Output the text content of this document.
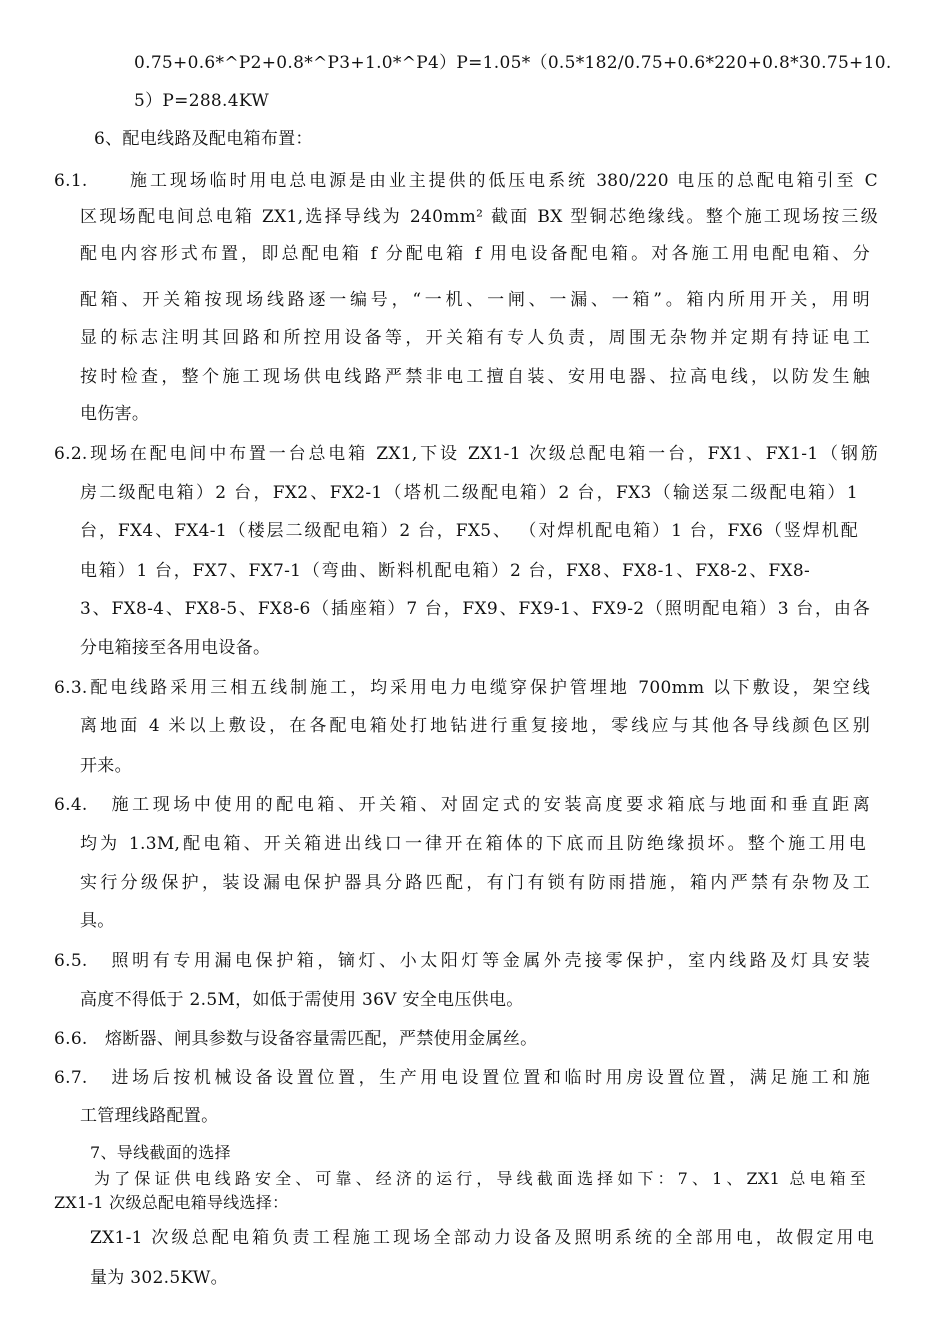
0.75+0.6*^P2+0.8*^P3+1.0*^P4）P=1.05*（0.5*182/0.75+0.6*220+0.8*30.75+10.
5）P=288.4KW
6、配电线路及配电箱布置：
6.1.　　施工现场临时用电总电源是由业主提供的低压电系统 380/220 电压的总配电箱引至 C
区现场配电间总电箱 ZX1,选择导线为 240mm² 截面 BX 型铜芯绝缘线。整个施工现场按三级
配电内容形式布置，即总配电箱 f 分配电箱 f 用电设备配电箱。对各施工用电配电箱、分
配箱、开关箱按现场线路逐一编号，“一机、一闸、一漏、一箱”。箱内所用开关，用明
显的标志注明其回路和所控用设备等，开关箱有专人负责，周围无杂物并定期有持证电工
按时检查，整个施工现场供电线路严禁非电工擅自装、安用电器、拉高电线，以防发生触
电伤害。
6.2.现场在配电间中布置一台总电箱 ZX1,下设 ZX1-1 次级总配电箱一台，FX1、FX1-1（钢筋
房二级配电箱）2 台，FX2、FX2-1（塔机二级配电箱）2 台，FX3（输送泵二级配电箱）1
台，FX4、FX4-1（楼层二级配电箱）2 台，FX5、 （对焊机配电箱）1 台，FX6（竖焊机配
电箱）1 台，FX7、FX7-1（弯曲、断料机配电箱）2 台，FX8、FX8-1、FX8-2、FX8-
3、FX8-4、FX8-5、FX8-6（插座箱）7 台，FX9、FX9-1、FX9-2（照明配电箱）3 台，由各
分电箱接至各用电设备。
6.3.配电线路采用三相五线制施工，均采用电力电缆穿保护管埋地 700mm 以下敷设，架空线
离地面 4 米以上敷设，在各配电箱处打地钻进行重复接地，零线应与其他各导线颜色区别
开来。
6.4.　施工现场中使用的配电箱、开关箱、对固定式的安装高度要求箱底与地面和垂直距离
均为 1.3M,配电箱、开关箱进出线口一律开在箱体的下底而且防绝缘损坏。整个施工用电
实行分级保护，装设漏电保护器具分路匹配，有门有锁有防雨措施，箱内严禁有杂物及工
具。
6.5.　照明有专用漏电保护箱，镝灯、小太阳灯等金属外壳接零保护，室内线路及灯具安装
高度不得低于 2.5M，如低于需使用 36V 安全电压供电。
6.6.　熔断器、闸具参数与设备容量需匹配，严禁使用金属丝。
6.7.　进场后按机械设备设置位置，生产用电设置位置和临时用房设置位置，满足施工和施
工管理线路配置。
7、导线截面的选择
为了保证供电线路安全、可靠、经济的运行，导线截面选择如下：7、1、ZX1 总电箱至
ZX1-1 次级总配电箱导线选择：
ZX1-1 次级总配电箱负责工程施工现场全部动力设备及照明系统的全部用电，故假定用电
量为 302.5KW。
